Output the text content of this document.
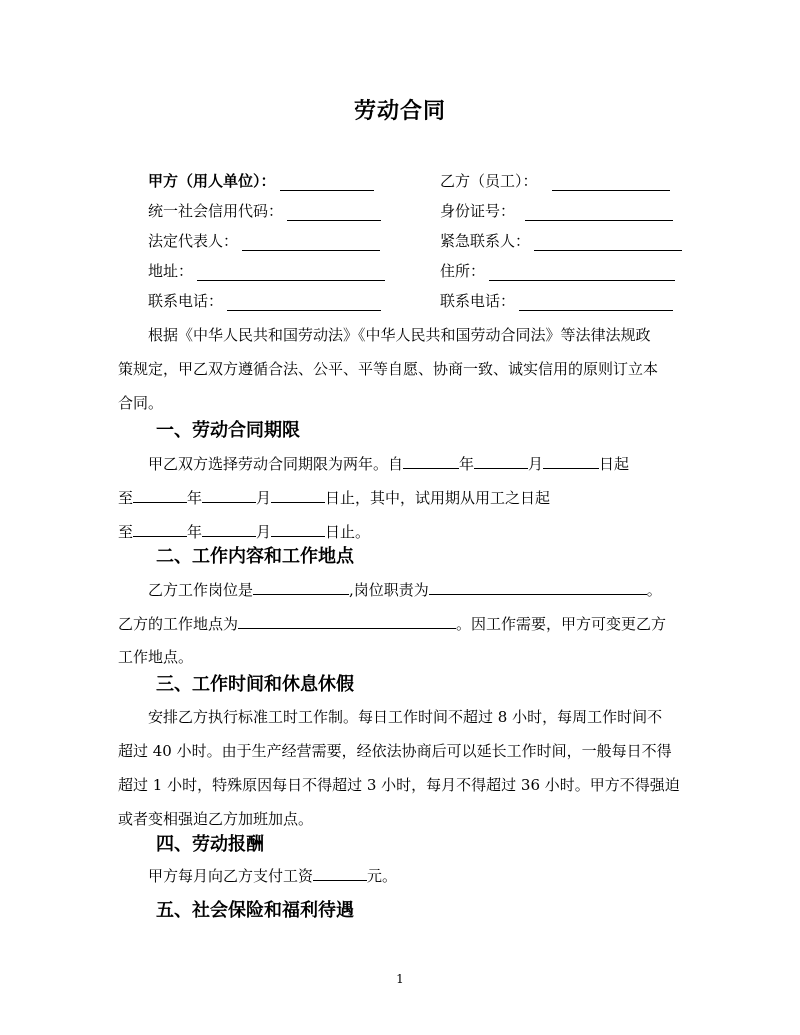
劳动合同
甲方（用人单位）：	乙方（员工）：
统一社会信用代码：	身份证号：
法定代表人：	紧急联系人：
地址：	住所：
联系电话：	联系电话：
根据《中华人民共和国劳动法》《中华人民共和国劳动合同法》等法律法规政
策规定，甲乙双方遵循合法、公平、平等自愿、协商一致、诚实信用的原则订立本
合同。
一、劳动合同期限
甲乙双方选择劳动合同期限为两年。自	年	月	日起
至	年	月	日止，其中，试用期从用工之日起
至	年	月	日止。
二、工作内容和工作地点
乙方工作岗位是	,岗位职责为	。
乙方的工作地点为	。因工作需要，甲方可变更乙方
工作地点。
三、工作时间和休息休假
安排乙方执行标准工时工作制。每日工作时间不超过 8 小时，每周工作时间不
超过 40 小时。由于生产经营需要，经依法协商后可以延长工作时间，一般每日不得
超过 1 小时，特殊原因每日不得超过 3 小时，每月不得超过 36 小时。甲方不得强迫
或者变相强迫乙方加班加点。
四、劳动报酬
甲方每月向乙方支付工资	元。
五、社会保险和福利待遇
1
